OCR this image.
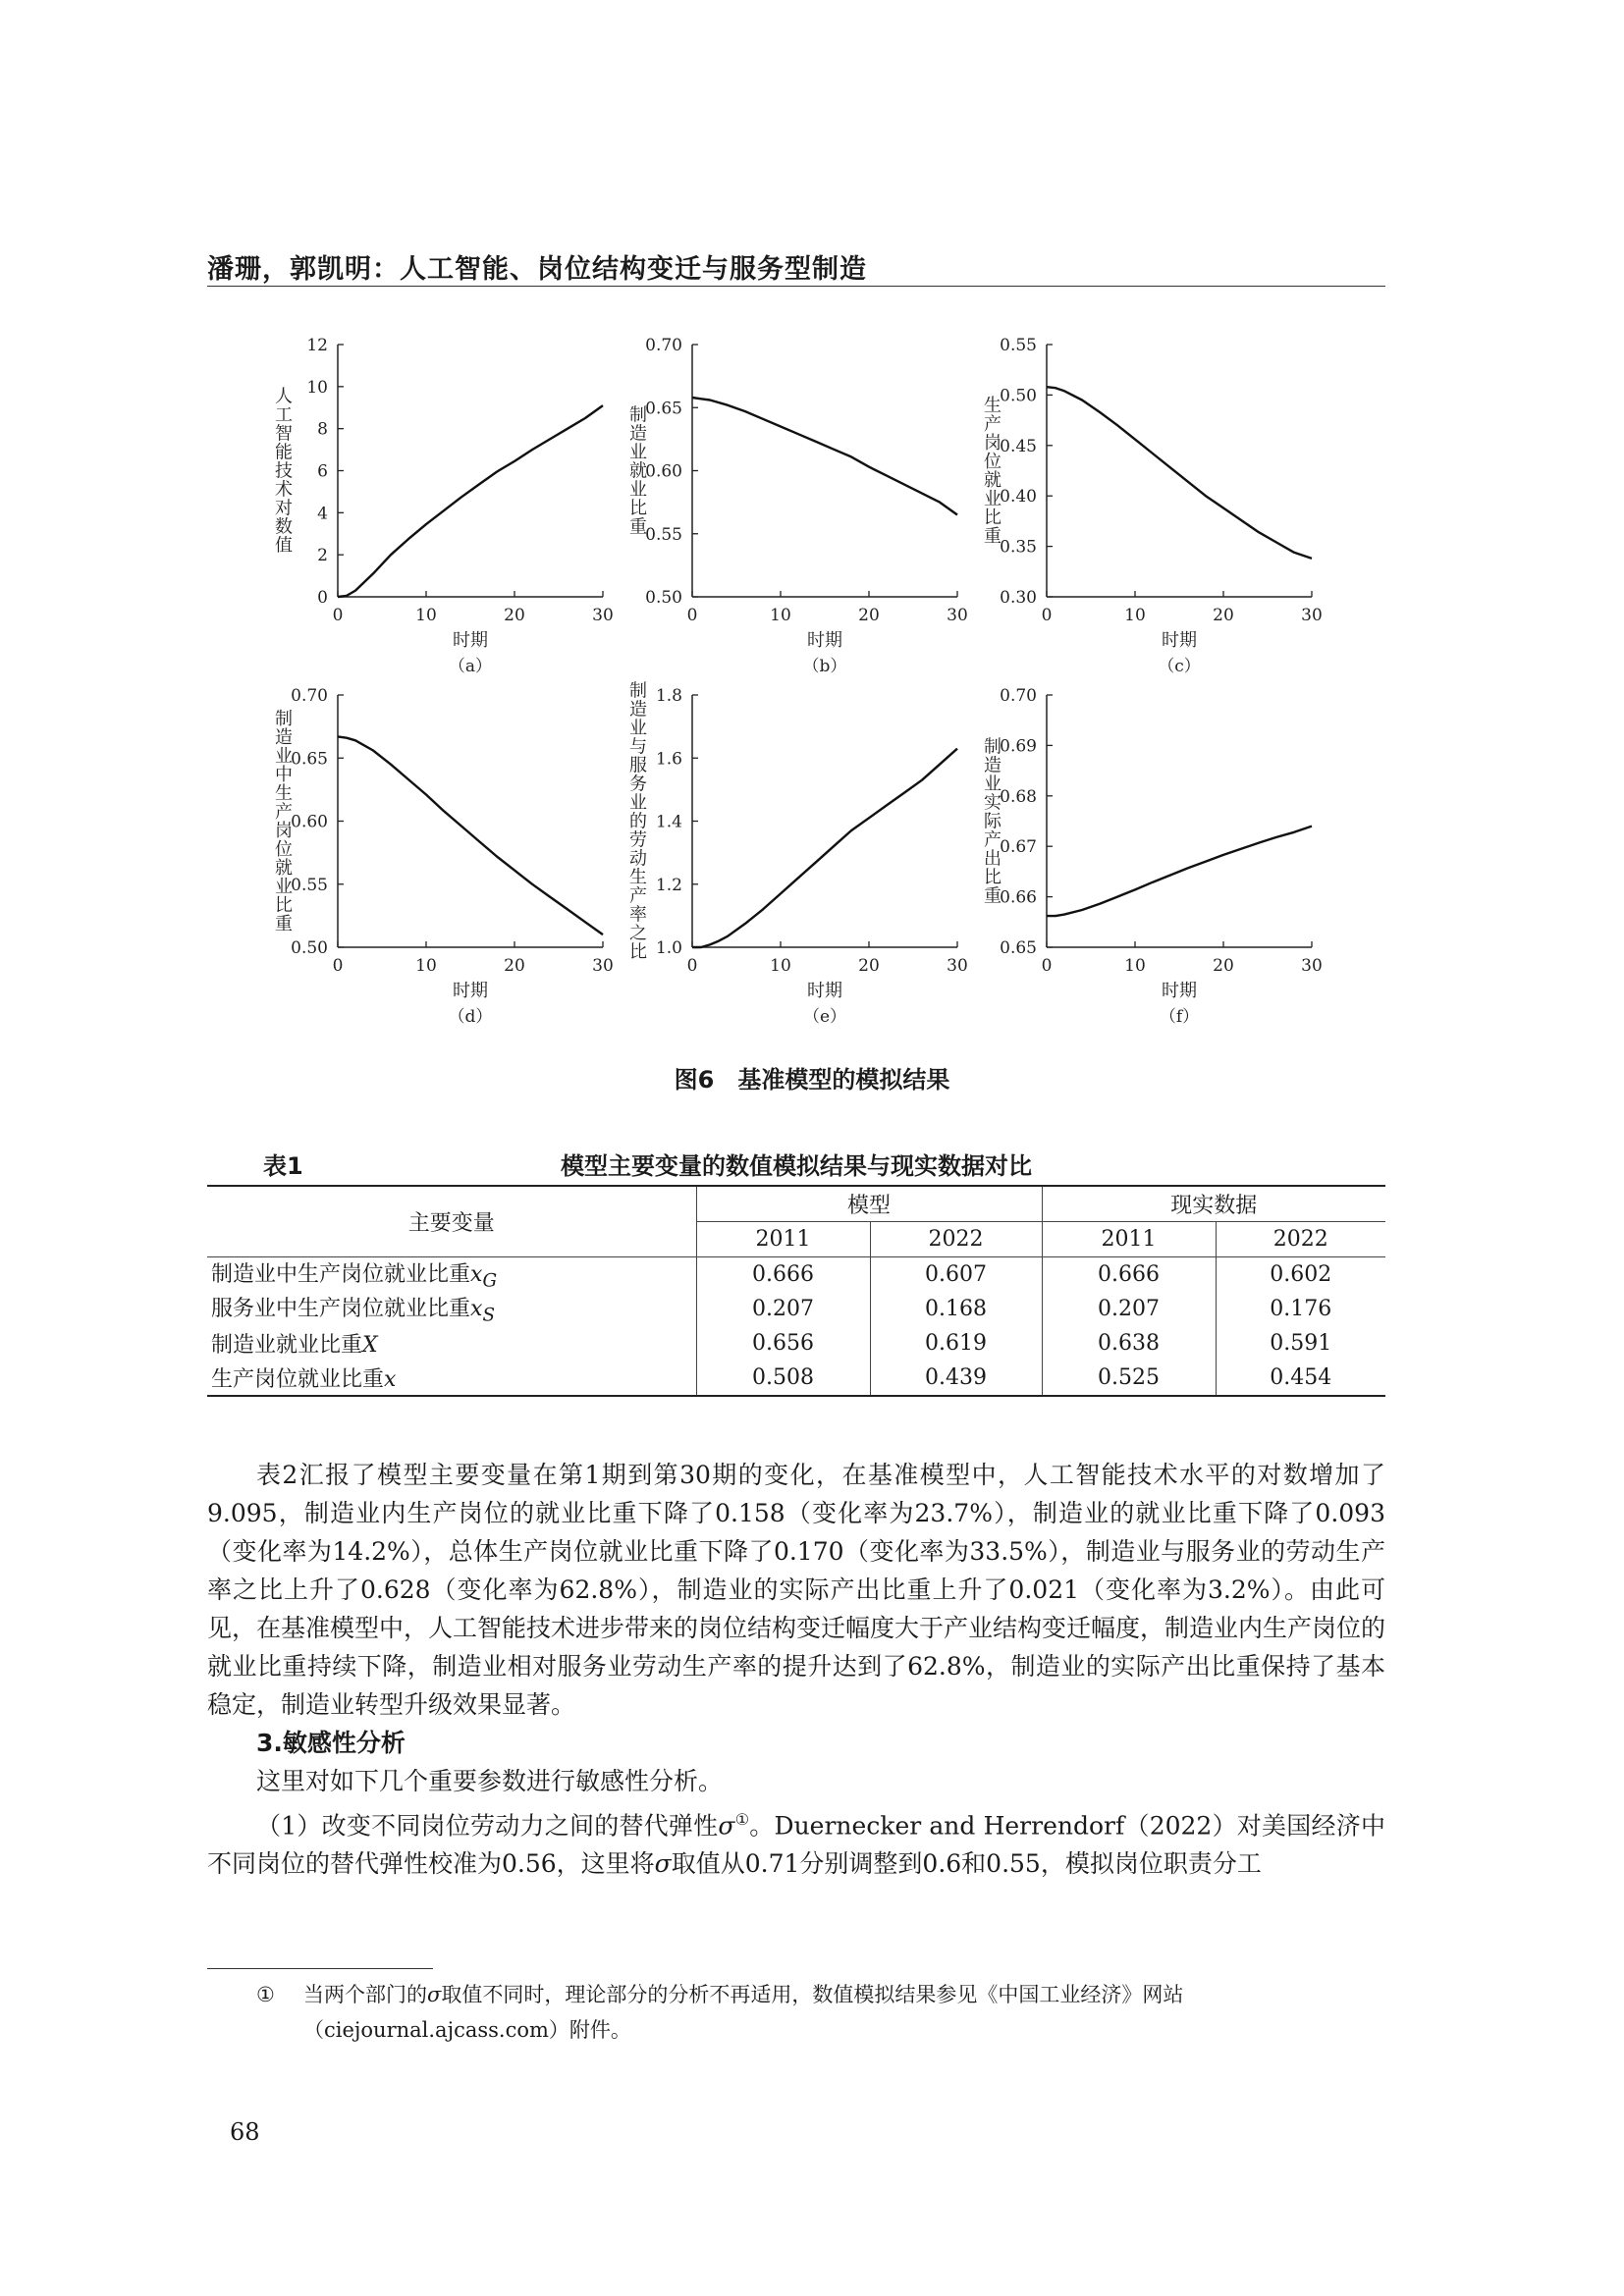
潘珊，郭凯明：人工智能、岗位结构变迁与服务型制造
0
2
4
6
8
10
12
0	10	20	30
时期
（a）
人工智能技术对数值
0.50
0.55
0.60
0.65
0.70
0	10	20	30
时期
（b）
制造业就业比重
0.30
0.35
0.40
0.45
0.50
0.55
0	10	20	30
时期
（c）
生产岗位就业比重
0.50
0.55
0.60
0.65
0.70
0	10	20	30
时期
（d）
制造业中生产岗位就业比重
1.0
1.2
1.4
1.6
1.8
0	10	20	30
时期
（e）
制造业与服务业的劳动生产率之比	0.65
0.66
0.67
0.68
0.69
0.70
0	10	20	30
时期
（f）
制造业实际产出比重
图6　基准模型的模拟结果
模型主要变量的数值模拟结果与现实数据对比
表1
主要变量	模型		现实数据	
	2011	2022	2011	2022
制造业中生产岗位就业比重$x_G$	0.666	0.607	0.666	0.602
服务业中生产岗位就业比重$x_S$	0.207	0.168	0.207	0.176
制造业就业比重X	0.656	0.619	0.638	0.591
生产岗位就业比重x	0.508	0.439	0.525	0.454

表2汇报了模型主要变量在第1期到第30期的变化，在基准模型中，人工智能技术水平的对数增加了9.095，制造业内生产岗位的就业比重下降了0.158（变化率为23.7%），制造业的就业比重下降了0.093（变化率为14.2%），总体生产岗位就业比重下降了0.170（变化率为33.5%），制造业与服务业的劳动生产率之比上升了0.628（变化率为62.8%），制造业的实际产出比重上升了0.021（变化率为3.2%）。由此可见，在基准模型中，人工智能技术进步带来的岗位结构变迁幅度大于产业结构变迁幅度，制造业内生产岗位的就业比重持续下降，制造业相对服务业劳动生产率的提升达到了62.8%，制造业的实际产出比重保持了基本稳定，制造业转型升级效果显著。

3.敏感性分析

这里对如下几个重要参数进行敏感性分析。

（1）改变不同岗位劳动力之间的替代弹性σ①。Duernecker and Herrendorf（2022）对美国经济中不同岗位的替代弹性校准为0.56，这里将σ取值从0.71分别调整到0.6和0.55，模拟岗位职责分工

① 当两个部门的σ取值不同时，理论部分的分析不再适用，数值模拟结果参见《中国工业经济》网站
（ciejournal.ajcass.com）附件。
68
